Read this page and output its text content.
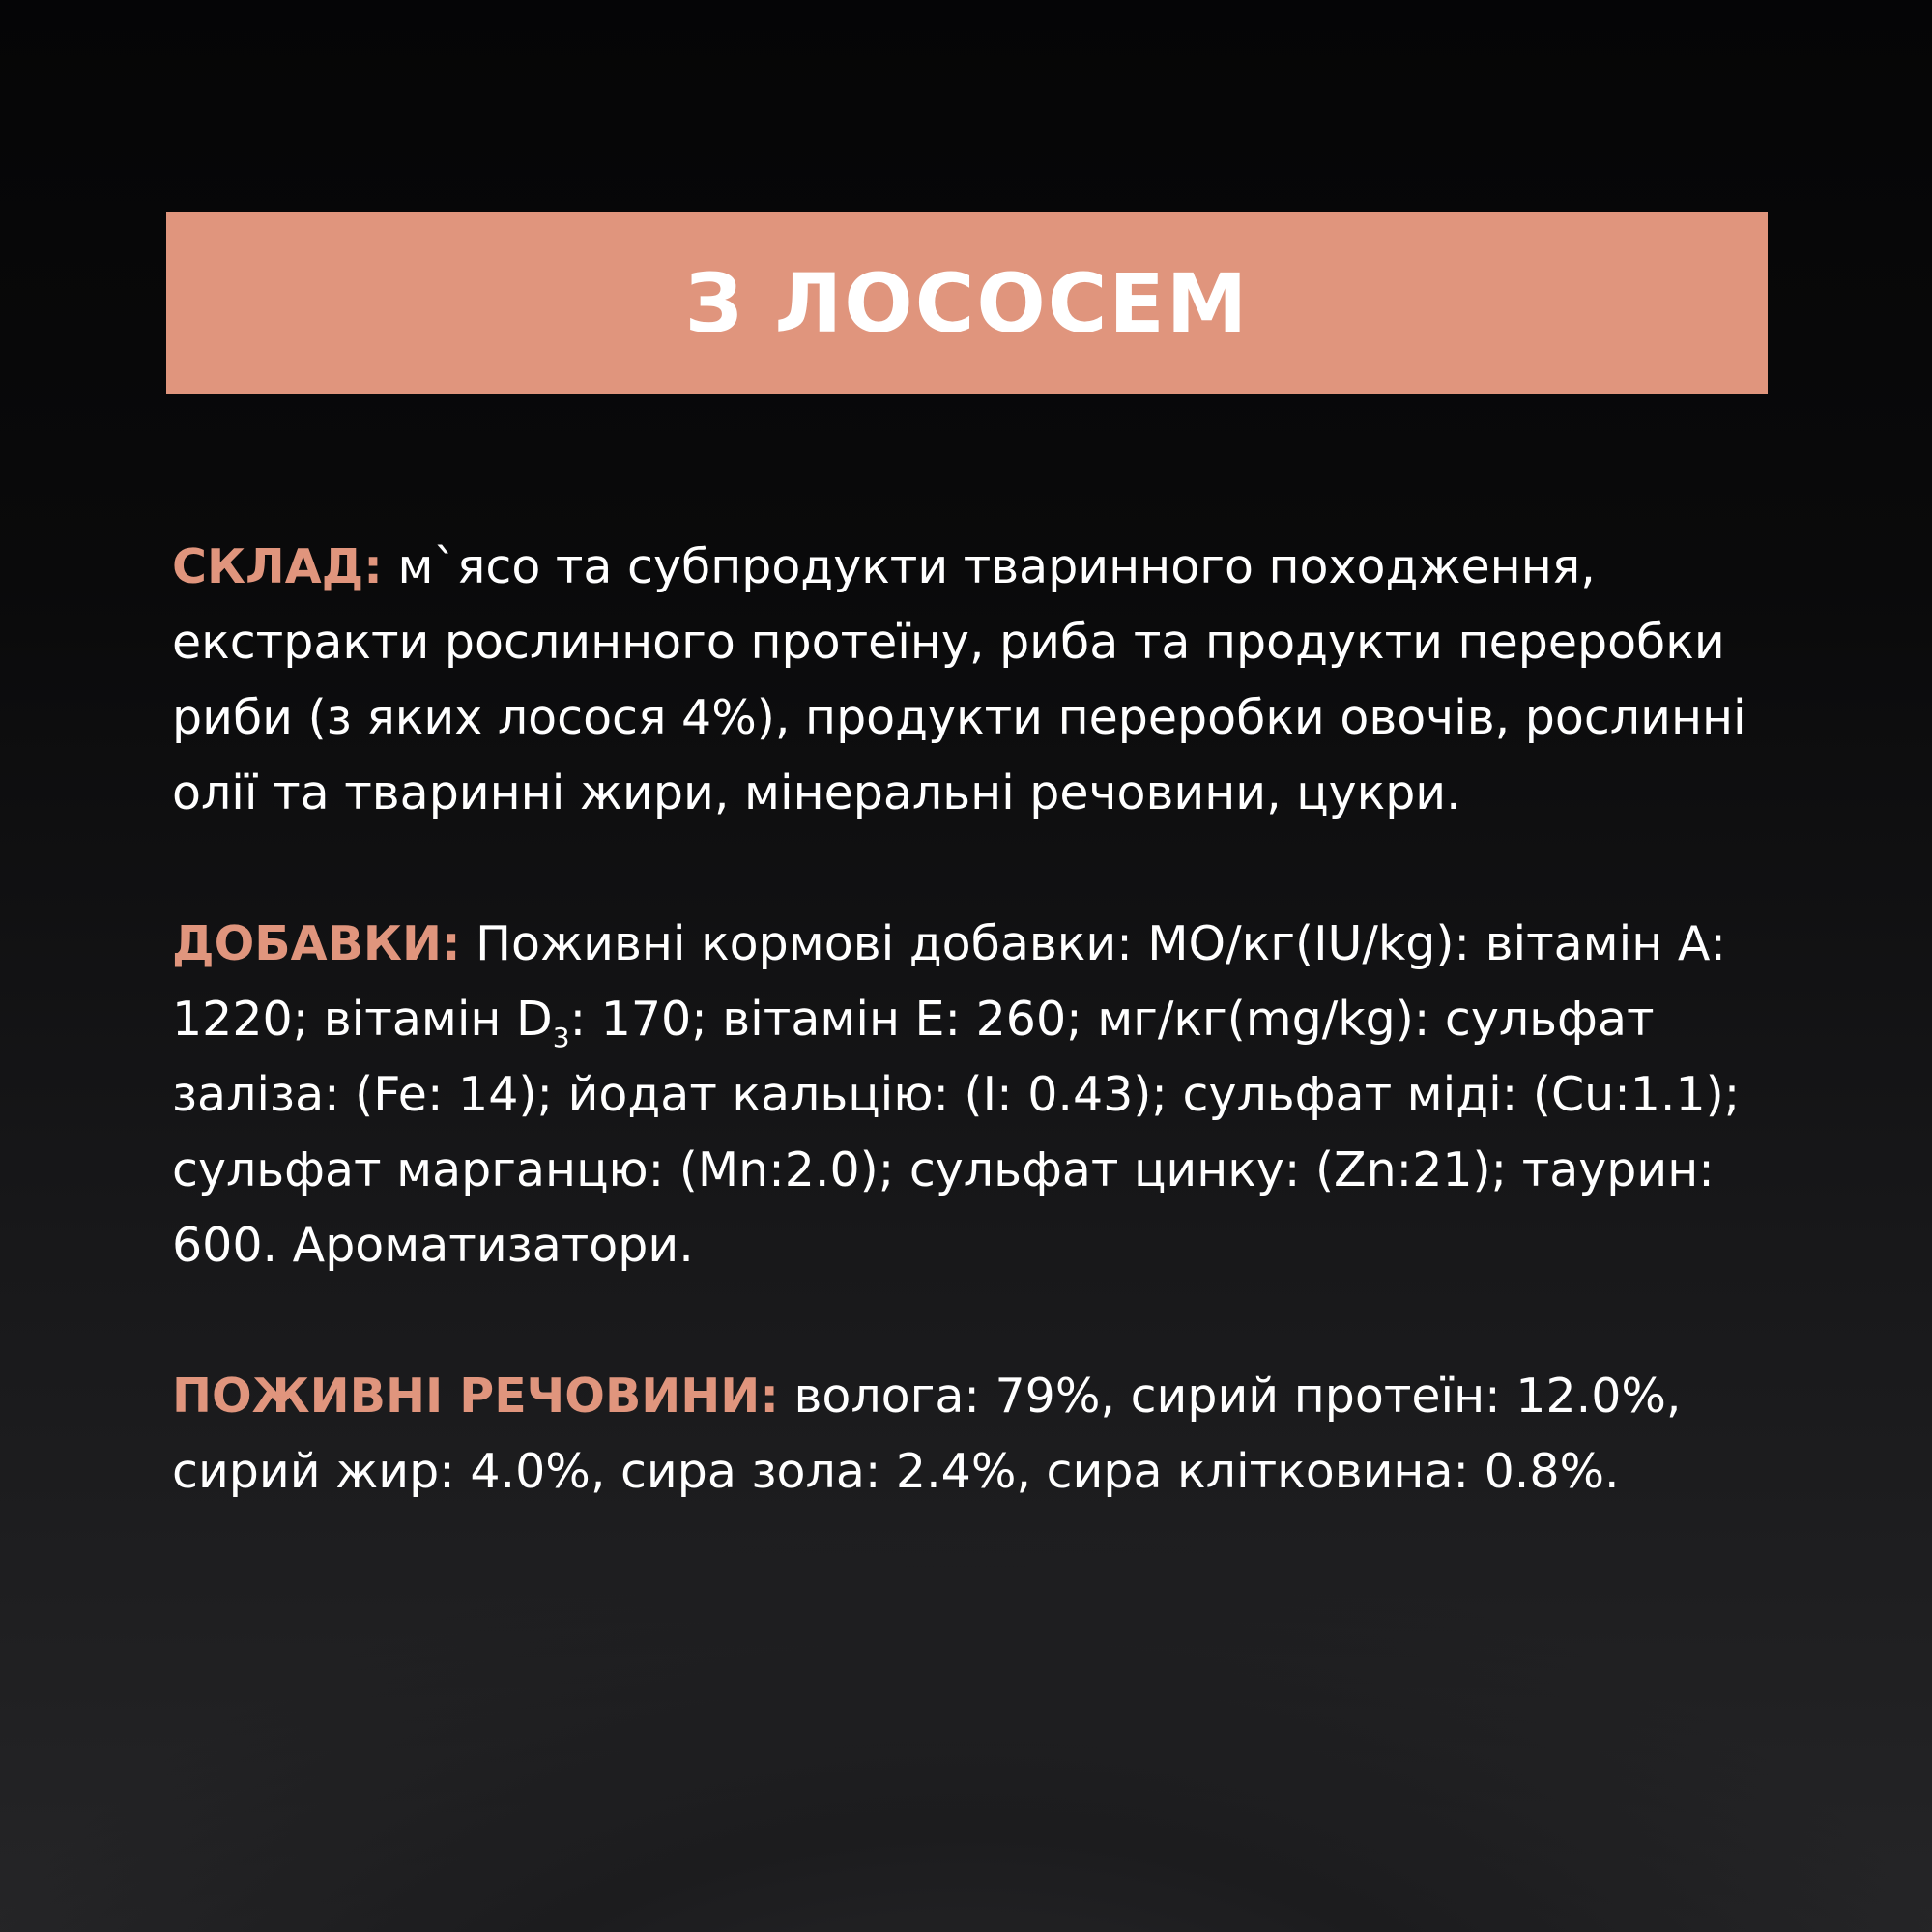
З ЛОСОСЕМ

СКЛАД: м`ясо та субпродукти тваринного походження, екстракти рослинного протеїну, риба та продукти переробки риби (з яких лосося 4%), продукти переробки овочів, рослинні олії та тваринні жири, мінеральні речовини, цукри.

ДОБАВКИ: Поживні кормові добавки: МО/кг(IU/kg): вітамін А: 1220; вітамін $D_3$: 170; вітамін Е: 260; мг/кг(mg/kg): сульфат заліза: (Fe: 14); йодат кальцію: (I: 0.43); сульфат міді: (Cu:1.1); сульфат марганцю: (Mn:2.0); сульфат цинку: (Zn:21); таурин: 600. Ароматизатори.

ПОЖИВНІ РЕЧОВИНИ: волога: 79%, сирий протеїн: 12.0%, сирий жир: 4.0%, сира зола: 2.4%, сира клітковина: 0.8%.
